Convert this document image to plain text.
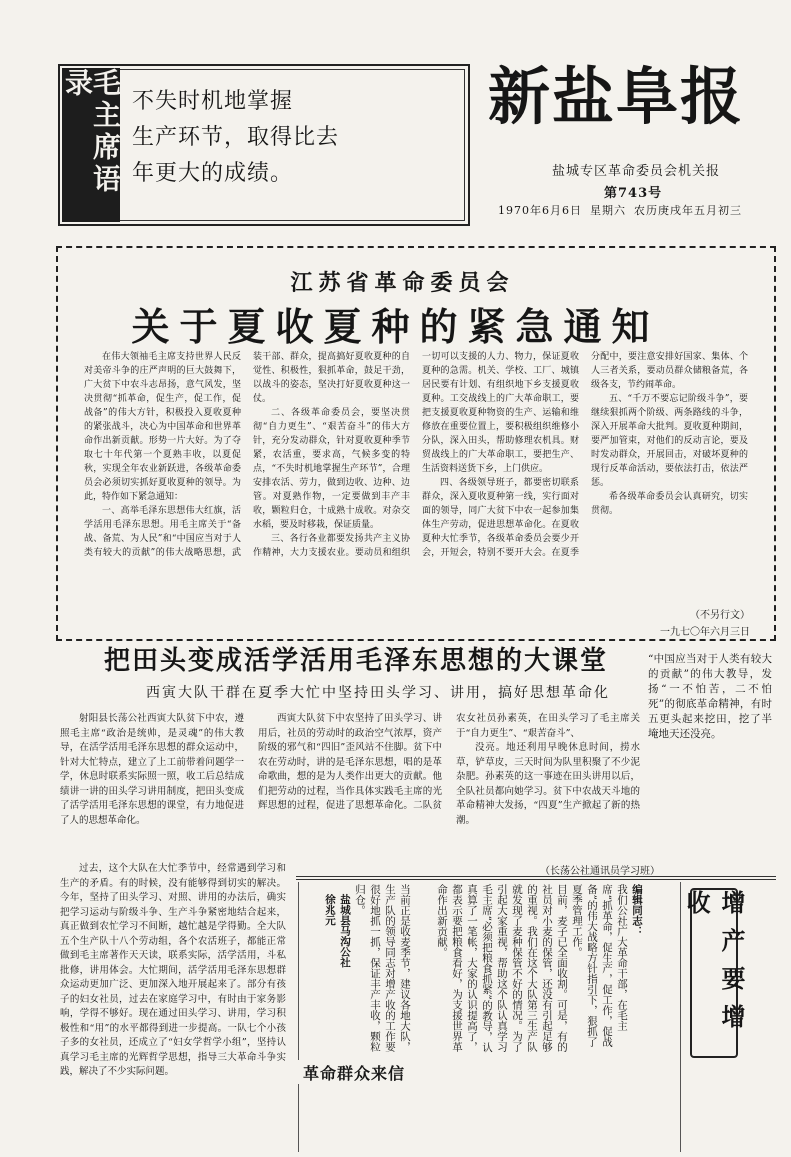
毛主席语录

不失时机地掌握

生产环节，取得比去

年更大的成绩。

新盐阜报
盐城专区革命委员会机关报
第743号
1970年6月6日 星期六 农历庚戌年五月初三
江苏省革命委员会
关于夏收夏种的紧急通知

在伟大领袖毛主席支持世界人民反对美帝斗争的庄严声明的巨大鼓舞下，广大贫下中农斗志昂扬，意气风发，坚决贯彻“抓革命，促生产，促工作，促战备”的伟大方针，积极投入夏收夏种的紧张战斗，决心为中国革命和世界革命作出新贡献。形势一片大好。为了夺取七十年代第一个夏熟丰收，以夏促秋，实现全年农业新跃进，各级革命委员会必须切实抓好夏收夏种的领导。为此，特作如下紧急通知：

一、高举毛泽东思想伟大红旗，活学活用毛泽东思想。用毛主席关于“备战、备荒、为人民”和“中国应当对于人类有较大的贡献”的伟大战略思想，武装干部、群众，提高搞好夏收夏种的自觉性、积极性，狠抓革命，鼓足干劲，以战斗的姿态，坚决打好夏收夏种这一仗。

二、各级革命委员会，要坚决贯彻“自力更生”、“艰苦奋斗”的伟大方针，充分发动群众，针对夏收夏种季节紧，农活重，要求高，气候多变的特点，“不失时机地掌握生产环节”，合理安排农活、劳力，做到边收、边种、边管。对夏熟作物，一定要做到丰产丰收，颗粒归仓，十成熟十成收。对杂交水稻，要及时移栽，保证质量。

三、各行各业都要发扬共产主义协作精神，大力支援农业。要动员和组织一切可以支援的人力、物力，保证夏收夏种的急需。机关、学校、工厂、城镇居民要有计划、有组织地下乡支援夏收夏种。工交战线上的广大革命职工，要把支援夏收夏种物资的生产、运输和维修放在重要位置上，要积极组织维修小分队，深入田头，帮助修理农机具。财贸战线上的广大革命职工，要把生产、生活资料送货下乡，上门供应。

四、各级领导班子，都要密切联系群众，深入夏收夏种第一线，实行面对面的领导，同广大贫下中农一起参加集体生产劳动，促进思想革命化。在夏收夏种大忙季节，各级革命委员会要少开会，开短会，特别不要开大会。在夏季分配中，要注意安排好国家、集体、个人三者关系，要动员群众储粮备荒，各级各支，节约闹革命。

五、“千万不要忘记阶级斗争”，要继续狠抓两个阶级、两条路线的斗争，深入开展革命大批判。夏收夏种期间，要严加管束，对他们的反动言论，要及时发动群众，开展回击，对破坏夏种的现行反革命活动，要依法打击，依法严惩。

希各级革命委员会认真研究，切实贯彻。

（不另行文）
一九七〇年六月三日
把田头变成活学活用毛泽东思想的大课堂
西寅大队干群在夏季大忙中坚持田头学习、讲用，搞好思想革命化
“中国应当对于人类有较大的贡献”的伟大教导，发扬“一不怕苦，二不怕死”的彻底革命精神，有时五更头起来挖田，挖了半埯地天还没亮。

射阳县长荡公社西寅大队贫下中农，遵照毛主席“政治是统帅，是灵魂”的伟大教导，在活学活用毛泽东思想的群众运动中，针对大忙特点，建立了上工前带着问题学一学，休息时联系实际照一照，收工后总结成绩讲一讲的田头学习讲用制度，把田头变成了活学活用毛泽东思想的课堂，有力地促进了人的思想革命化。

西寅大队贫下中农坚持了田头学习、讲用后，社员的劳动时的政治空气浓厚，资产阶级的邪气和“四旧”歪风站不住脚。贫下中农在劳动时，讲的是毛泽东思想，唱的是革命歌曲，想的是为人类作出更大的贡献。他们把劳动的过程，当作具体实践毛主席的光辉思想的过程，促进了思想革命化。二队贫农女社员孙素英，在田头学习了毛主席关于“自力更生”、“艰苦奋斗”、

没亮。地还利用早晚休息时间，捞水草，铲草皮，三天时间为队里积聚了不少泥杂肥。孙素英的这一事迹在田头讲用以后，全队社员都向她学习。贫下中农战天斗地的革命精神大发扬，“四夏”生产掀起了新的热潮。

过去，这个大队在大忙季节中，经常遇到学习和生产的矛盾。有的时候，没有能够得到切实的解决。今年，坚持了田头学习、对照、讲用的办法后，确实把学习运动与阶级斗争、生产斗争紧密地结合起来，真正做到农忙学习不间断，越忙越是学得勤。全大队五个生产队十八个劳动组，各个农活班子，都能正常做到毛主席著作天天读，联系实际，活学活用，斗私批修，讲用体会。大忙期间，活学活用毛泽东思想群众运动更加广泛、更加深入地开展起来了。部分有孩子的妇女社员，过去在家庭学习中，有时由于家务影响，学得不够好。现在通过田头学习、讲用，学习积极性和“用”的水平都得到进一步提高。一队七个小孩子多的女社员，还成立了“妇女学哲学小组”，坚持认真学习毛主席的光辉哲学思想，指导三大革命斗争实践，解决了不少实际问题。

（长荡公社通讯员学习班）

编辑同志：

我们公社广大革命干部，在毛主席“抓革命，促生产，促工作，促战备”的伟大战略方针指引下，狠抓了夏季管理工作。

目前，麦子已全面收割。可是，有的社员对小麦的保管，还没有引起足够的重视。我们在这个大队第三生产队就发现了麦种保管不好的情况。为了引起大家重视，帮助这个队认真学习毛主席“必须把粮食抓紧”的教导，认真算了一笔帐，大家的认识提高了，都表示要把粮食看好，为支援世界革命作出新贡献。

当前正是收麦季节，建议各地大队，生产队的领导同志对增产收的工作要很好地抓一抓，保证丰产丰收，颗粒归仓。

盐城县马沟公社

徐兆元

革命群众来信
增产要增收
